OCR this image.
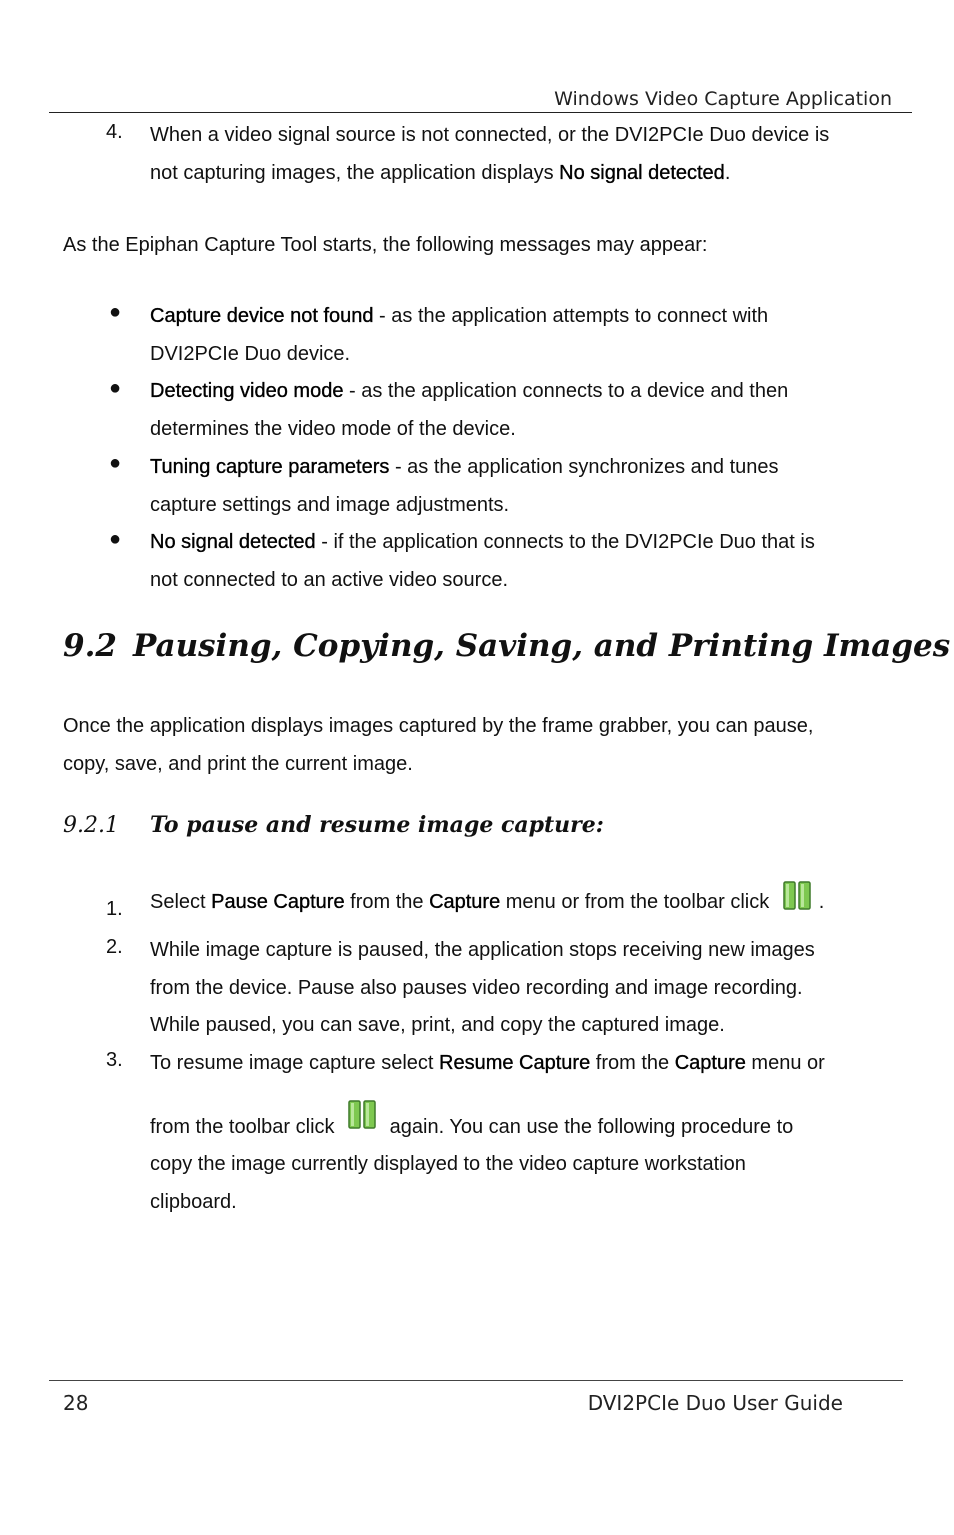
Windows Video Capture Application
4. When a video signal source is not connected, or the DVI2PCIe Duo device is
not capturing images, the application displays No signal detected.
As the Epiphan Capture Tool starts, the following messages may appear:
● Capture device not found - as the application attempts to connect with
DVI2PCIe Duo device.
● Detecting video mode - as the application connects to a device and then
determines the video mode of the device.
● Tuning capture parameters - as the application synchronizes and tunes
capture settings and image adjustments.
● No signal detected - if the application connects to the DVI2PCIe Duo that is
not connected to an active video source.
9.2 Pausing, Copying, Saving, and Printing Images
Once the application displays images captured by the frame grabber, you can pause,
copy, save, and print the current image.
9.2.1 To pause and resume image capture:
1. Select Pause Capture from the Capture menu or from the toolbar click .
2. While image capture is paused, the application stops receiving new images
from the device. Pause also pauses video recording and image recording.
While paused, you can save, print, and copy the captured image.
3. To resume image capture select Resume Capture from the Capture menu or
from the toolbar click	again. You can use the following procedure to
copy the image currently displayed to the video capture workstation
clipboard.
28	DVI2PCIe Duo User Guide
